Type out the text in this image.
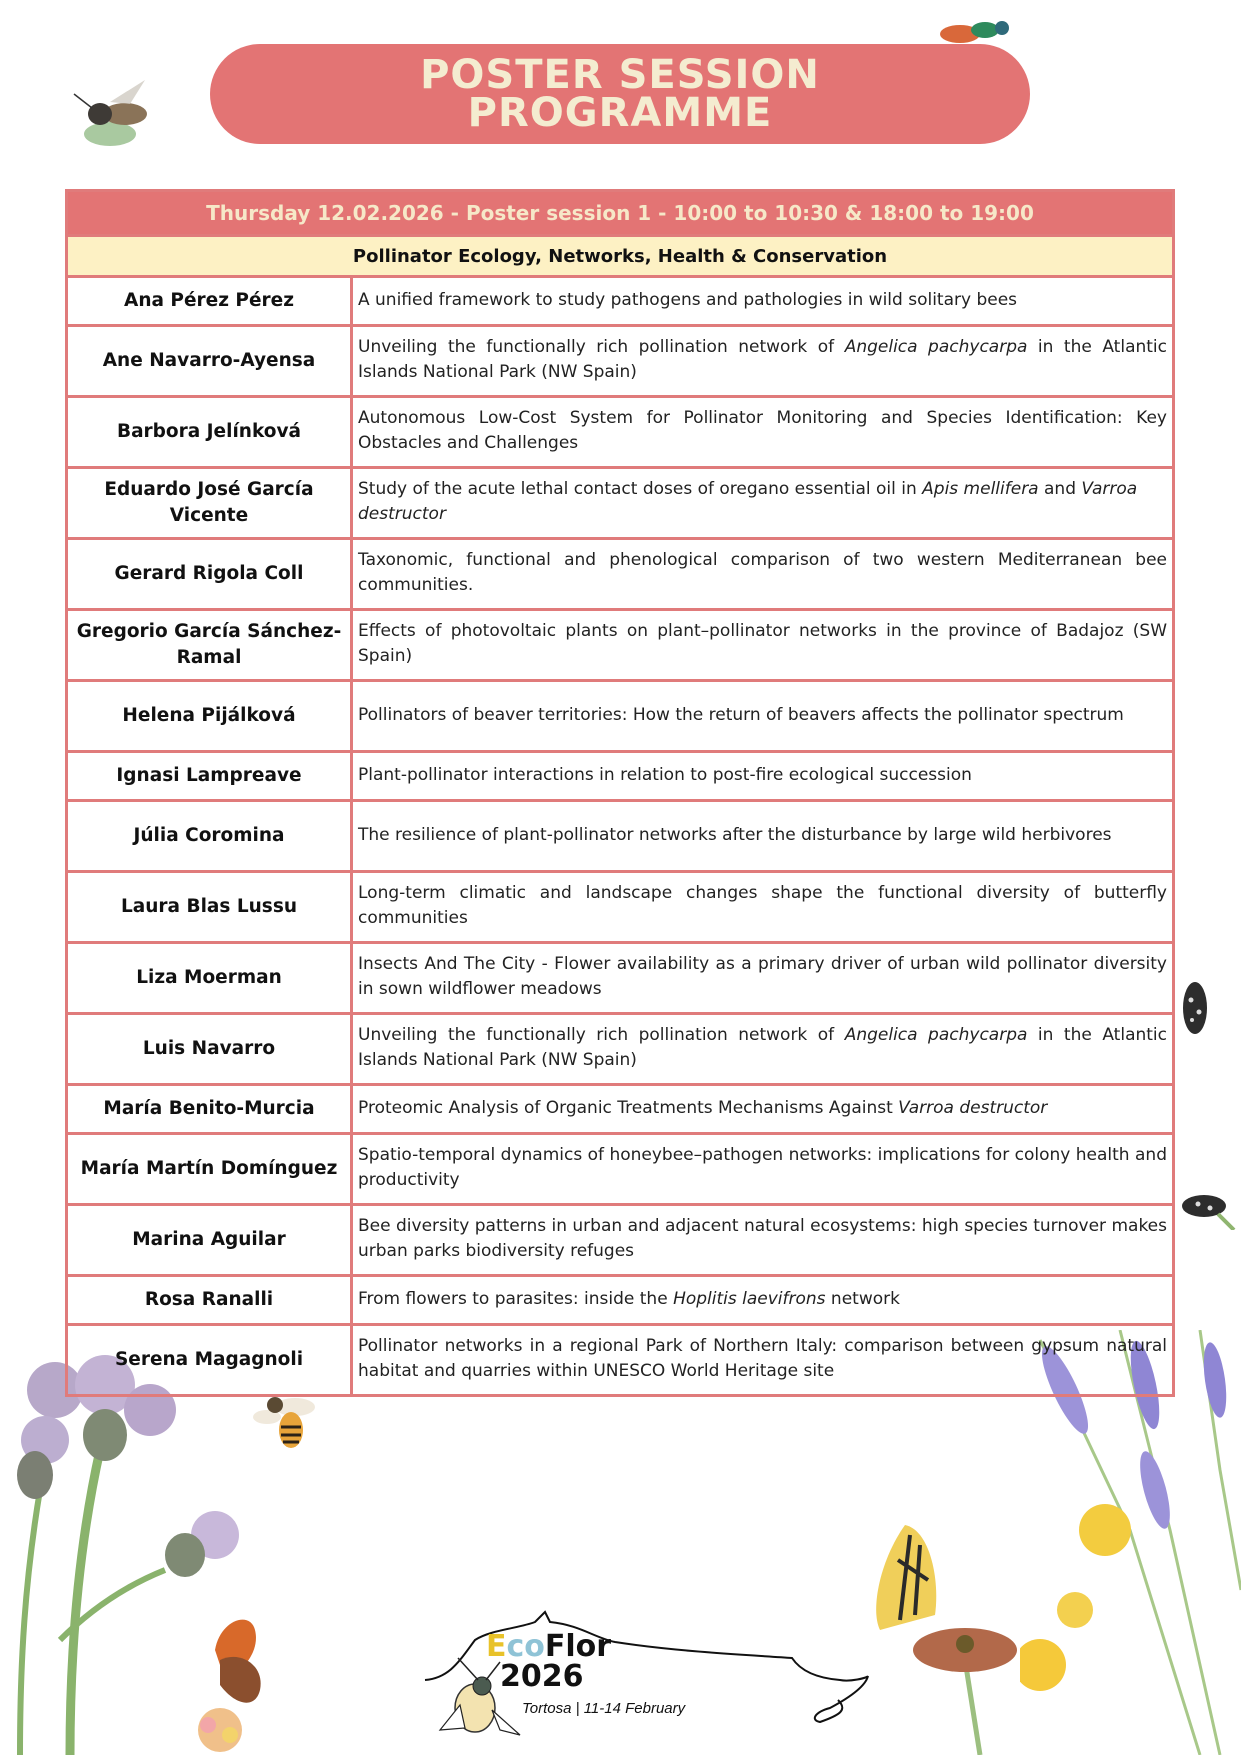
POSTER SESSION
PROGRAMME
Thursday 12.02.2026 - Poster session 1 - 10:00 to 10:30 & 18:00 to 19:00	
Pollinator Ecology, Networks, Health & Conservation	
Ana Pérez Pérez	A unified framework to study pathogens and pathologies in wild solitary bees
Ane Navarro-Ayensa	Unveiling the functionally rich pollination network of Angelica pachycarpa in the Atlantic Islands National Park (NW Spain)
Barbora Jelínková	Autonomous Low-Cost System for Pollinator Monitoring and Species Identification: Key Obstacles and Challenges
Eduardo José García Vicente	Study of the acute lethal contact doses of oregano essential oil in Apis mellifera and Varroa destructor
Gerard Rigola Coll	Taxonomic, functional and phenological comparison of two western Mediterranean bee communities.
Gregorio García Sánchez-Ramal	Effects of photovoltaic plants on plant–pollinator networks in the province of Badajoz (SW Spain)
Helena Pijálková	Pollinators of beaver territories: How the return of beavers affects the pollinator spectrum
Ignasi Lampreave	Plant-pollinator interactions in relation to post-fire ecological succession
Júlia Coromina	The resilience of plant-pollinator networks after the disturbance by large wild herbivores
Laura Blas Lussu	Long-term climatic and landscape changes shape the functional diversity of butterfly communities
Liza Moerman	Insects And The City - Flower availability as a primary driver of urban wild pollinator diversity in sown wildflower meadows
Luis Navarro	Unveiling the functionally rich pollination network of Angelica pachycarpa in the Atlantic Islands National Park (NW Spain)
María Benito-Murcia	Proteomic Analysis of Organic Treatments Mechanisms Against Varroa destructor
María Martín Domínguez	Spatio-temporal dynamics of honeybee–pathogen networks: implications for colony health and productivity
Marina Aguilar	Bee diversity patterns in urban and adjacent natural ecosystems: high species turnover makes urban parks biodiversity refuges
Rosa Ranalli	From flowers to parasites: inside the Hoplitis laevifrons network
Serena Magagnoli	Pollinator networks in a regional Park of Northern Italy: comparison between gypsum natural habitat and quarries within UNESCO World Heritage site
EcoFlor
2026
Tortosa | 11-14 February
